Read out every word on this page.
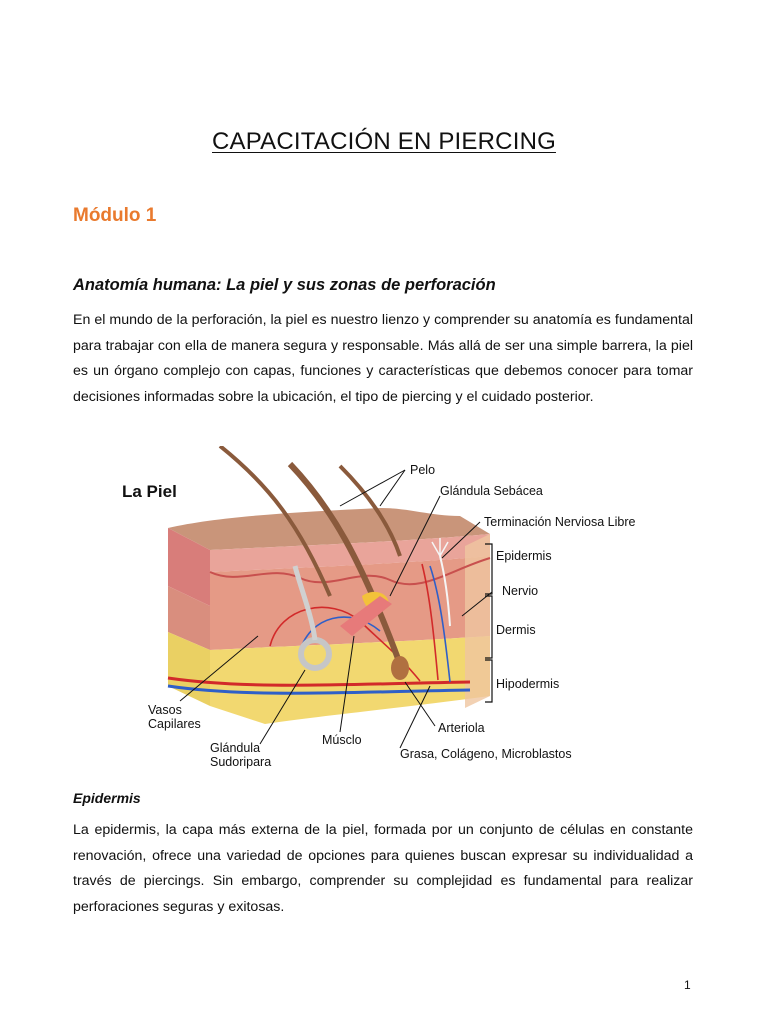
CAPACITACIÓN EN PIERCING
Módulo 1
Anatomía humana: La piel y sus zonas de perforación
En el mundo de la perforación, la piel es nuestro lienzo y comprender su anatomía es fundamental para trabajar con ella de manera segura y responsable. Más allá de ser una simple barrera, la piel es un órgano complejo con capas, funciones y características que debemos conocer para tomar decisiones informadas sobre la ubicación, el tipo de piercing y el cuidado posterior.
La Piel
Pelo
Glándula Sebácea
Terminación Nerviosa Libre
Epidermis
Nervio
Dermis
Hipodermis
Vasos
Capilares	Arteriola
Músclo
Glándula
Sudoripara
Grasa, Colágeno, Microblastos
Epidermis
La epidermis, la capa más externa de la piel, formada por un conjunto de células en constante renovación, ofrece una variedad de opciones para quienes buscan expresar su individualidad a través de piercings. Sin embargo, comprender su complejidad es fundamental para realizar perforaciones seguras y exitosas.
1
